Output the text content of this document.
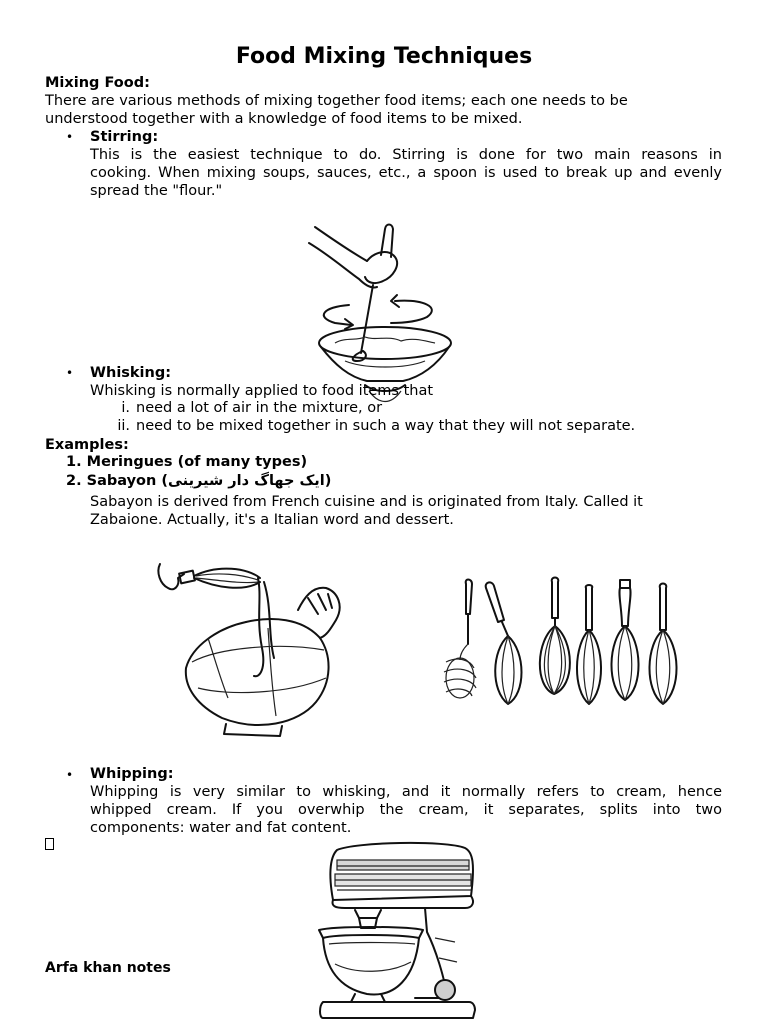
Food Mixing Techniques
Mixing Food:
There are various methods of mixing together food items; each one needs to be
understood together with a knowledge of food items to be mixed.
• Stirring:
This is the easiest technique to do. Stirring is done for two main reasons in
cooking. When mixing soups, sauces, etc., a spoon is used to break up and evenly
spread the "flour."
• Whisking:
Whisking is normally applied to food items that
i. need a lot of air in the mixture, or
ii. need to be mixed together in such a way that they will not separate.
Examples:
1. Meringues (of many types)
2. Sabayon (ایک جھاگ دار شیرینی)
Sabayon is derived from French cuisine and is originated from Italy. Called it
Zabaione. Actually, it's a Italian word and dessert.
• Whipping:
Whipping is very similar to whisking, and it normally refers to cream, hence
whipped cream. If you overwhip the cream, it separates, splits into two
components: water and fat content.
Arfa khan notes
